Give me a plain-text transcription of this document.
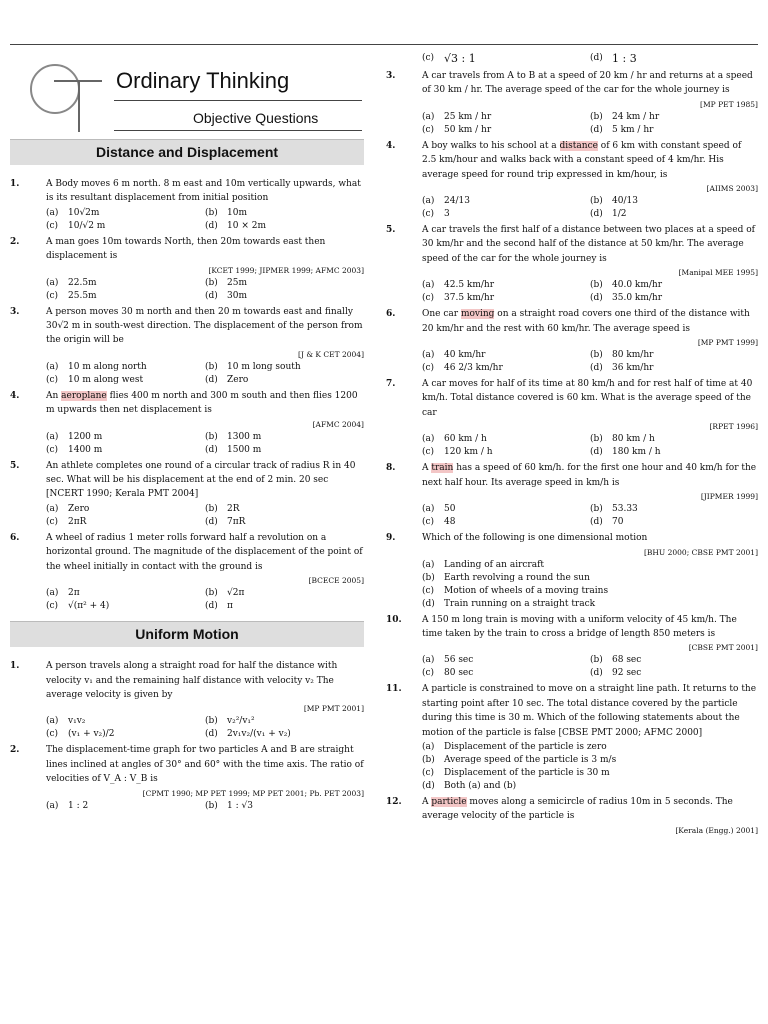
Ordinary Thinking
Objective Questions
Distance and Displacement
1.	A Body moves 6 m north. 8 m east and 10m vertically upwards, what is its resultant displacement from initial position
(a)	10√2m	(b)	10m
(c)	10/√2 m	(d)	10 × 2m
2.	A man goes 10m towards North, then 20m towards east then displacement is
[KCET 1999; JIPMER 1999; AFMC 2003]
(a)	22.5m	(b)	25m
(c)	25.5m	(d)	30m
3.	A person moves 30 m north and then 20 m towards east and finally 30√2 m in south-west direction. The displacement of the person from the origin will be
[J & K CET 2004]
(a)	10 m along north	(b)	10 m long south
(c)	10 m along west	(d)	Zero
4.	An aeroplane flies 400 m north and 300 m south and then flies 1200 m upwards then net displacement is
[AFMC 2004]
(a)	1200 m	(b)	1300 m
(c)	1400 m	(d)	1500 m
5.	An athlete completes one round of a circular track of radius R in 40 sec. What will be his displacement at the end of 2 min. 20 sec [NCERT 1990; Kerala PMT 2004]
(a)	Zero	(b)	2R
(c)	2πR	(d)	7πR
6.	A wheel of radius 1 meter rolls forward half a revolution on a horizontal ground. The magnitude of the displacement of the point of the wheel initially in contact with the ground is
[BCECE 2005]
(a)	2π	(b)	√2π
(c)	√(π² + 4)	(d)	π
Uniform Motion
1.	A person travels along a straight road for half the distance with velocity v₁ and the remaining half distance with velocity v₂ The average velocity is given by
[MP PMT 2001]
(a)	v₁v₂	(b)	v₂²/v₁²
(c)	(v₁ + v₂)/2	(d)	2v₁v₂/(v₁ + v₂)
2.	The displacement-time graph for two particles A and B are straight lines inclined at angles of 30° and 60° with the time axis. The ratio of velocities of V_A : V_B is
[CPMT 1990; MP PET 1999; MP PET 2001; Pb. PET 2003]
(a)	1 : 2	(b)	1 : √3
(c) √3 : 1	(d) 1 : 3
3.	A car travels from A to B at a speed of 20 km / hr and returns at a speed of 30 km / hr. The average speed of the car for the whole journey is
[MP PET 1985]
(a)	25 km / hr	(b)	24 km / hr
(c)	50 km / hr	(d)	5 km / hr
4.	A boy walks to his school at a distance of 6 km with constant speed of 2.5 km/hour and walks back with a constant speed of 4 km/hr. His average speed for round trip expressed in km/hour, is
[AIIMS 2003]
(a)	24/13	(b)	40/13
(c)	3	(d)	1/2
5.	A car travels the first half of a distance between two places at a speed of 30 km/hr and the second half of the distance at 50 km/hr. The average speed of the car for the whole journey is
[Manipal MEE 1995]
(a)	42.5 km/hr	(b)	40.0 km/hr
(c)	37.5 km/hr	(d)	35.0 km/hr
6.	One car moving on a straight road covers one third of the distance with 20 km/hr and the rest with 60 km/hr. The average speed is
[MP PMT 1999]
(a)	40 km/hr	(b)	80 km/hr
(c)	46 2/3 km/hr	(d)	36 km/hr
7.	A car moves for half of its time at 80 km/h and for rest half of time at 40 km/h. Total distance covered is 60 km. What is the average speed of the car
[RPET 1996]
(a)	60 km / h	(b)	80 km / h
(c)	120 km / h	(d)	180 km / h
8.	A train has a speed of 60 km/h. for the first one hour and 40 km/h for the next half hour. Its average speed in km/h is
[JIPMER 1999]
(a)	50	(b)	53.33
(c)	48	(d)	70
9.	Which of the following is one dimensional motion
[BHU 2000; CBSE PMT 2001]
(a)	Landing of an aircraft
(b)	Earth revolving a round the sun
(c)	Motion of wheels of a moving trains
(d)	Train running on a straight track
10. A 150 m long train is moving with a uniform velocity of 45 km/h. The time taken by the train to cross a bridge of length 850 meters is
[CBSE PMT 2001]
(a)	56 sec	(b)	68 sec
(c)	80 sec	(d)	92 sec
11. A particle is constrained to move on a straight line path. It returns to the starting point after 10 sec. The total distance covered by the particle during this time is 30 m. Which of the following statements about the motion of the particle is false [CBSE PMT 2000; AFMC 2000]
(a)	Displacement of the particle is zero
(b)	Average speed of the particle is 3 m/s
(c)	Displacement of the particle is 30 m
(d)	Both (a) and (b)
12. A particle moves along a semicircle of radius 10m in 5 seconds. The average velocity of the particle is
[Kerala (Engg.) 2001]
